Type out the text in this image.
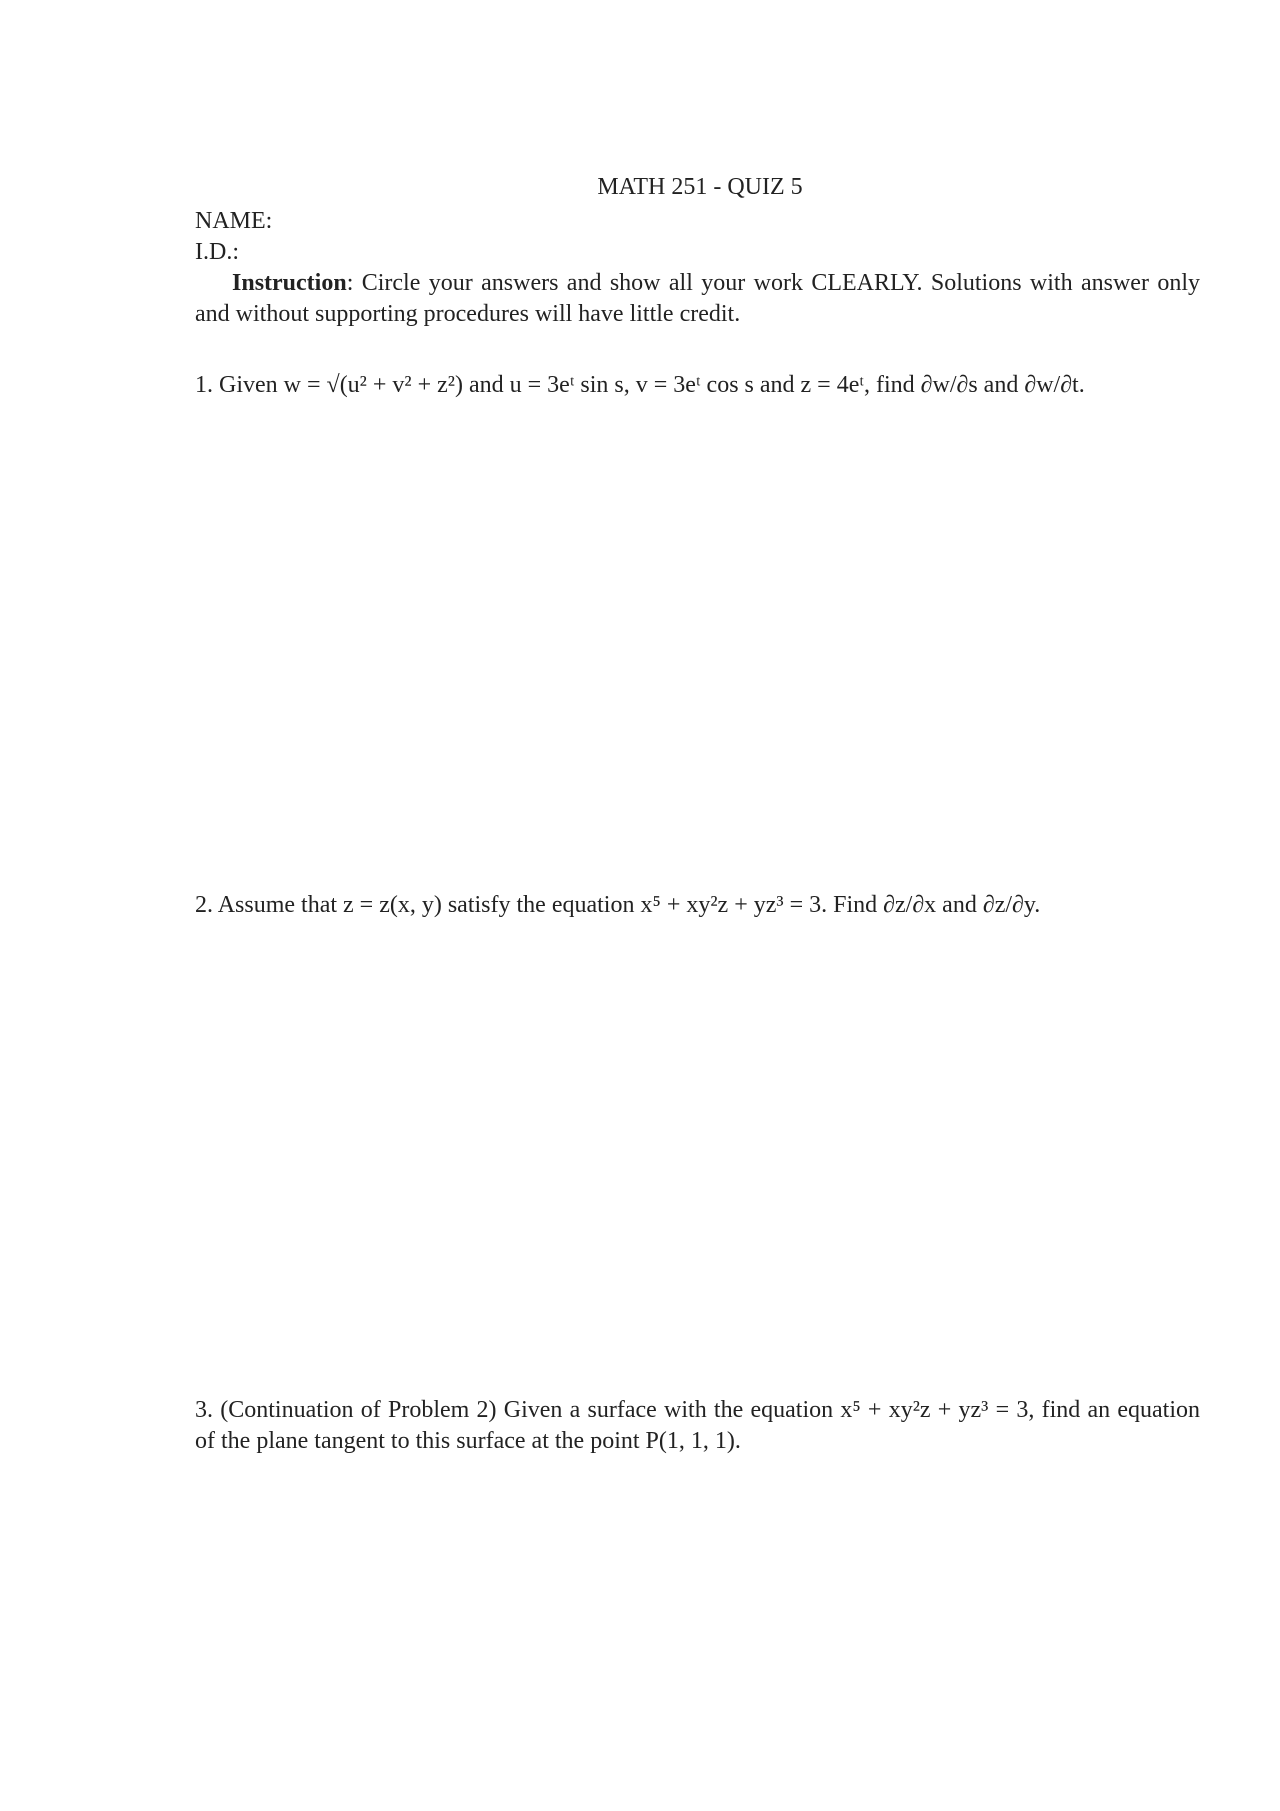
MATH 251 - QUIZ 5
NAME:
I.D.:
Instruction: Circle your answers and show all your work CLEARLY. Solutions with answer only and without supporting procedures will have little credit.
1. Given w = √(u² + v² + z²) and u = 3eᵗ sin s, v = 3eᵗ cos s and z = 4eᵗ, find ∂w/∂s and ∂w/∂t.
2. Assume that z = z(x, y) satisfy the equation x⁵ + xy²z + yz³ = 3. Find ∂z/∂x and ∂z/∂y.
3. (Continuation of Problem 2) Given a surface with the equation x⁵ + xy²z + yz³ = 3, find an equation of the plane tangent to this surface at the point P(1, 1, 1).
